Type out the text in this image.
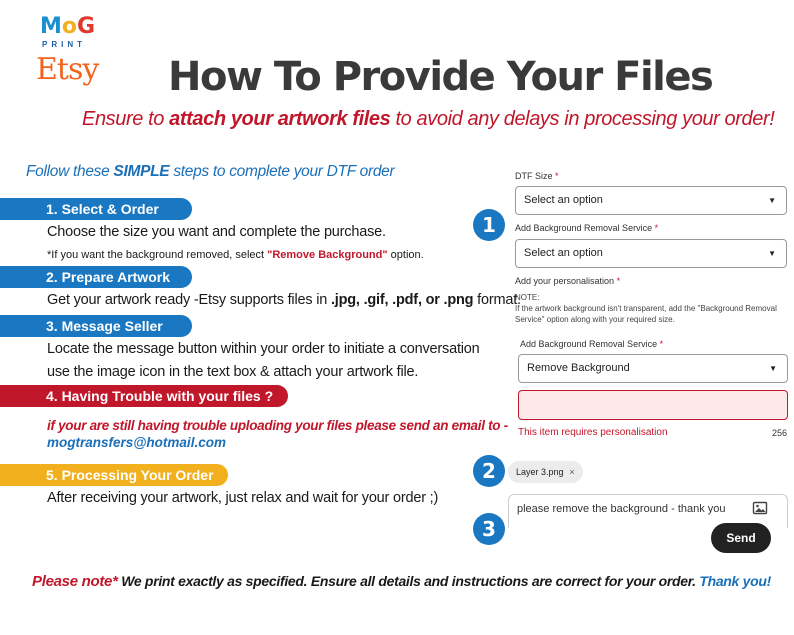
MoG
PRINT
Etsy How To Provide Your Files
Ensure to attach your artwork files to avoid any delays in processing your order!
Follow these SIMPLE steps to complete your DTF order
1. Select & Order
Choose the size you want and complete the purchase.
*If you want the background removed, select "Remove Background" option.
2. Prepare Artwork
Get your artwork ready -Etsy supports files in .jpg, .gif, .pdf, or .png format.
3. Message Seller
Locate the message button within your order to initiate a conversation
use the image icon in the text box & attach your artwork file.
4. Having Trouble with your files ?
if your are still having trouble uploading your files please send an email to -
mogtransfers@hotmail.com
5. Processing Your Order
After receiving your artwork, just relax and wait for your order ;)
DTF Size *
Select an option	▼
1	Add Background Removal Service *
Select an option	▼
Add your personalisation *
NOTE:
If the artwork background isn't transparent, add the "Background Removal Service" option along with your required size.
Add Background Removal Service *
Remove Background	▼
This item requires personalisation	256
2	Layer 3.png ×
3
please remove the background - thank you
Send
Please note* We print exactly as specified. Ensure all details and instructions are correct for your order. Thank you!
